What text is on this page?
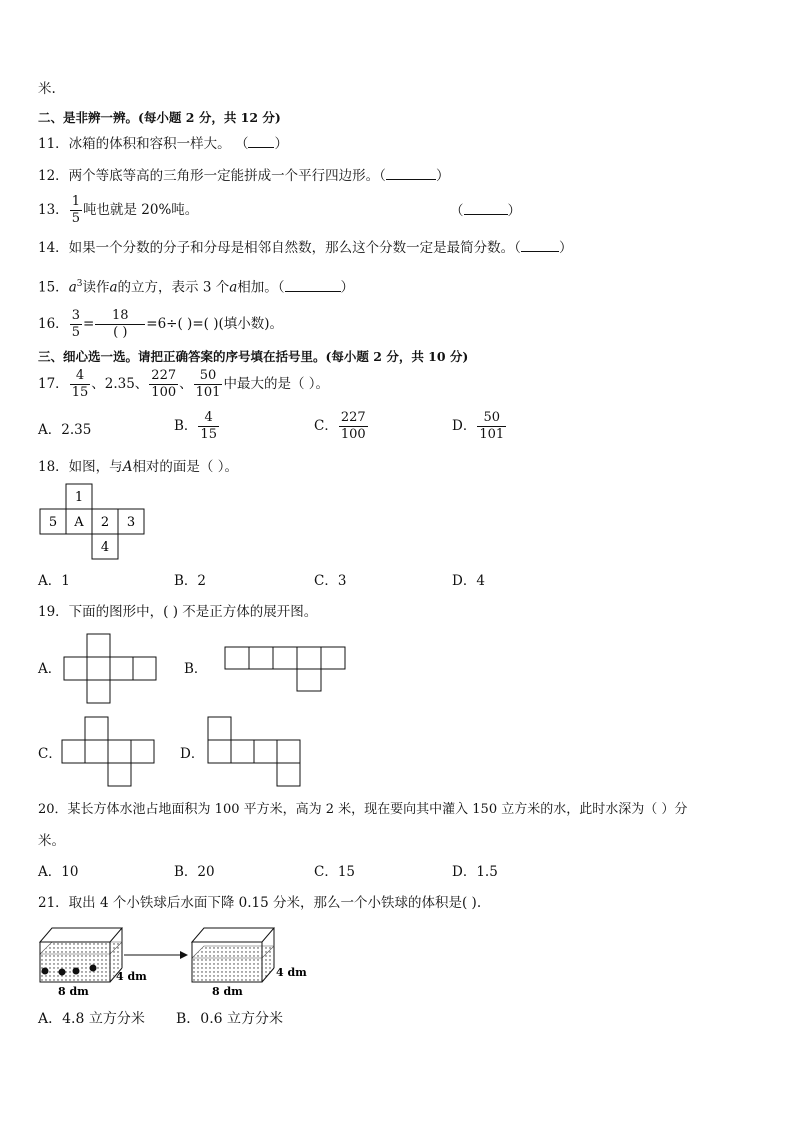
米.
二、是非辨一辨。(每小题 2 分，共 12 分)
11．冰箱的体积和容积一样大。 （ ）
12．两个等底等高的三角形一定能拼成一个平行四边形。（	）
13． $\frac{1}{5}$ 吨也就是 20%吨。	（	）
14．如果一个分数的分子和分母是相邻自然数，那么这个分数一定是最简分数。（	）
15．$a^3$读作a的立方，表示 3 个a相加。（	）
16． $\frac{3}{5} = \frac{18}{( )} =6\div$( )=( )(填小数)。
三、细心选一选。请把正确答案的序号填在括号里。(每小题 2 分，共 10 分)
17． $\frac{4}{15}$ 、2.35、 $\frac{227}{100}$ 、 $\frac{50}{101}$ 中最大的是（ ）。
A．2.35	B． $\frac{4}{15}$	C． $\frac{227}{100}$	D． $\frac{50}{101}$
18．如图，与A相对的面是（ ）。
1
5 A 2 3
4
A．1	B．2	C．3	D．4
19．下面的图形中，( ) 不是正方体的展开图。
A．	B．
C．	D．
20．某长方体水池占地面积为 100 平方米，高为 2 米，现在要向其中灌入 150 立方米的水，此时水深为（ ）分
米。
A．10	B．20	C．15	D．1.5
21．取出 4 个小铁球后水面下降 0.15 分米，那么一个小铁球的体积是( ).
4 dm
8 dm
4 dm
8 dm
A．4.8 立方分米 B．0.6 立方分米
